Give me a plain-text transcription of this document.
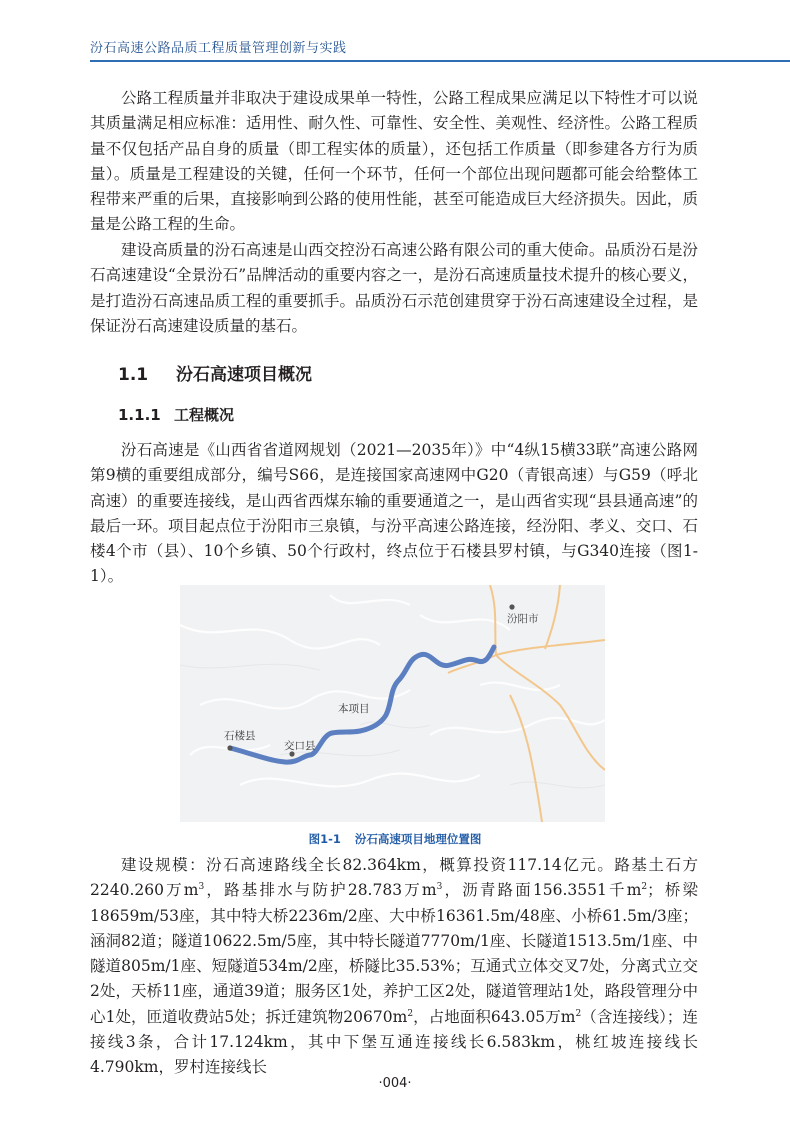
汾石高速公路品质工程质量管理创新与实践

公路工程质量并非取决于建设成果单一特性，公路工程成果应满足以下特性才可以说其质量满足相应标准：适用性、耐久性、可靠性、安全性、美观性、经济性。公路工程质量不仅包括产品自身的质量（即工程实体的质量），还包括工作质量（即参建各方行为质量）。质量是工程建设的关键，任何一个环节，任何一个部位出现问题都可能会给整体工程带来严重的后果，直接影响到公路的使用性能，甚至可能造成巨大经济损失。因此，质量是公路工程的生命。

建设高质量的汾石高速是山西交控汾石高速公路有限公司的重大使命。品质汾石是汾石高速建设“全景汾石”品牌活动的重要内容之一，是汾石高速质量技术提升的核心要义，是打造汾石高速品质工程的重要抓手。品质汾石示范创建贯穿于汾石高速建设全过程，是保证汾石高速建设质量的基石。

1.1 汾石高速项目概况
1.1.1 工程概况

汾石高速是《山西省省道网规划（2021—2035年）》中“4纵15横33联”高速公路网第9横的重要组成部分，编号S66，是连接国家高速网中G20（青银高速）与G59（呼北高速）的重要连接线，是山西省西煤东输的重要通道之一，是山西省实现“县县通高速”的最后一环。项目起点位于汾阳市三泉镇，与汾平高速公路连接，经汾阳、孝义、交口、石楼4个市（县）、10个乡镇、50个行政村，终点位于石楼县罗村镇，与G340连接（图1-1）。

汾阳市
本项目
石楼县
交口县
图1-1 汾石高速项目地理位置图

建设规模：汾石高速路线全长82.364km，概算投资117.14亿元。路基土石方2240.260万$m^3$，路基排水与防护28.783万$m^3$，沥青路面156.3551千$m^2$；桥梁18659m/53座，其中特大桥2236m/2座、大中桥16361.5m/48座、小桥61.5m/3座；涵洞82道；隧道10622.5m/5座，其中特长隧道7770m/1座、长隧道1513.5m/1座、中隧道805m/1座、短隧道534m/2座，桥隧比35.53%；互通式立体交叉7处，分离式立交2处，天桥11座，通道39道；服务区1处，养护工区2处，隧道管理站1处，路段管理分中心1处，匝道收费站5处；拆迁建筑物$20670m^2$，占地面积643.05万$m^2$（含连接线）；连接线3条，合计17.124km，其中下堡互通连接线长6.583km，桃红坡连接线长4.790km，罗村连接线长

·004·
